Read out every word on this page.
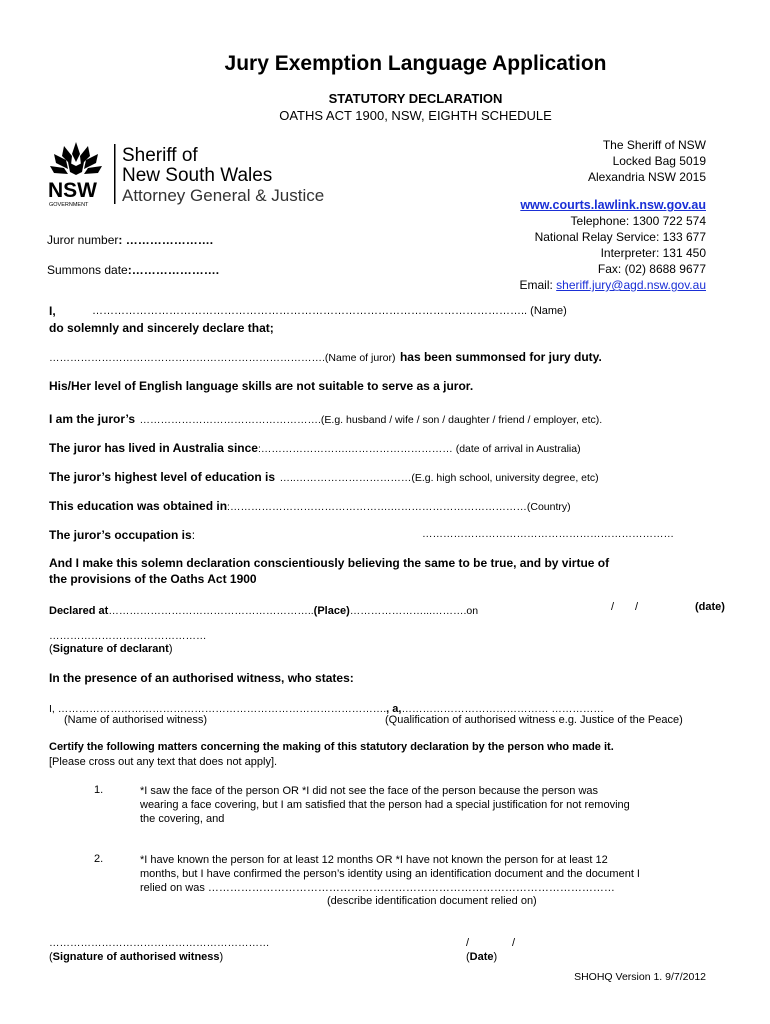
Jury Exemption Language Application
STATUTORY DECLARATION
OATHS ACT 1900, NSW, EIGHTH SCHEDULE
NSW
GOVERNMENT
Sheriff of
New South Wales
Attorney General & Justice
The Sheriff of NSW
Locked Bag 5019
Alexandria NSW 2015
www.courts.lawlink.nsw.gov.au
Telephone: 1300 722 574
National Relay Service: 133 677
Interpreter: 131 450
Fax: (02) 8688 9677
Email: sheriff.jury@agd.nsw.gov.au
Juror number: ………………….
Summons date:………………….
I,	……………………………………………………………………………………………………….. (Name)
do solemnly and sincerely declare that;
…………………………………………………………………….(Name of juror) has been summonsed for jury duty.
His/Her level of English language skills are not suitable to serve as a juror.
I am the juror’s …………………………………………….(E.g. husband / wife / son / daughter / friend / employer, etc).
The juror has lived in Australia since:…………………….………………………… (date of arrival in Australia)
The juror’s highest level of education is …..……………………………(E.g. high school, university degree, etc)
This education was obtained in:……………………………………….…………………………………(Country)
The juror’s occupation is:	………………………………………………………………
And I make this solemn declaration conscientiously believing the same to be true, and by virtue of
the provisions of the Oaths Act 1900
Declared at…………………………………………………..(Place)…………………...……….on	/ /	(date)
………………………………………
(Signature of declarant)
In the presence of an authorised witness, who states:
I, …………………………………………………………………………………., a,…………………………………… ……………
(Name of authorised witness)	(Qualification of authorised witness e.g. Justice of the Peace)
Certify the following matters concerning the making of this statutory declaration by the person who made it.
[Please cross out any text that does not apply].
1.	*I saw the face of the person OR *I did not see the face of the person because the person was
wearing a face covering, but I am satisfied that the person had a special justification for not removing
the covering, and
2.	*I have known the person for at least 12 months OR *I have not known the person for at least 12
months, but I have confirmed the person’s identity using an identification document and the document I
relied on was …………………………………………………………………………………………………
(describe identification document relied on)
………………………………………………………
(Signature of authorised witness)
/	/
(Date)
SHOHQ Version 1. 9/7/2012
